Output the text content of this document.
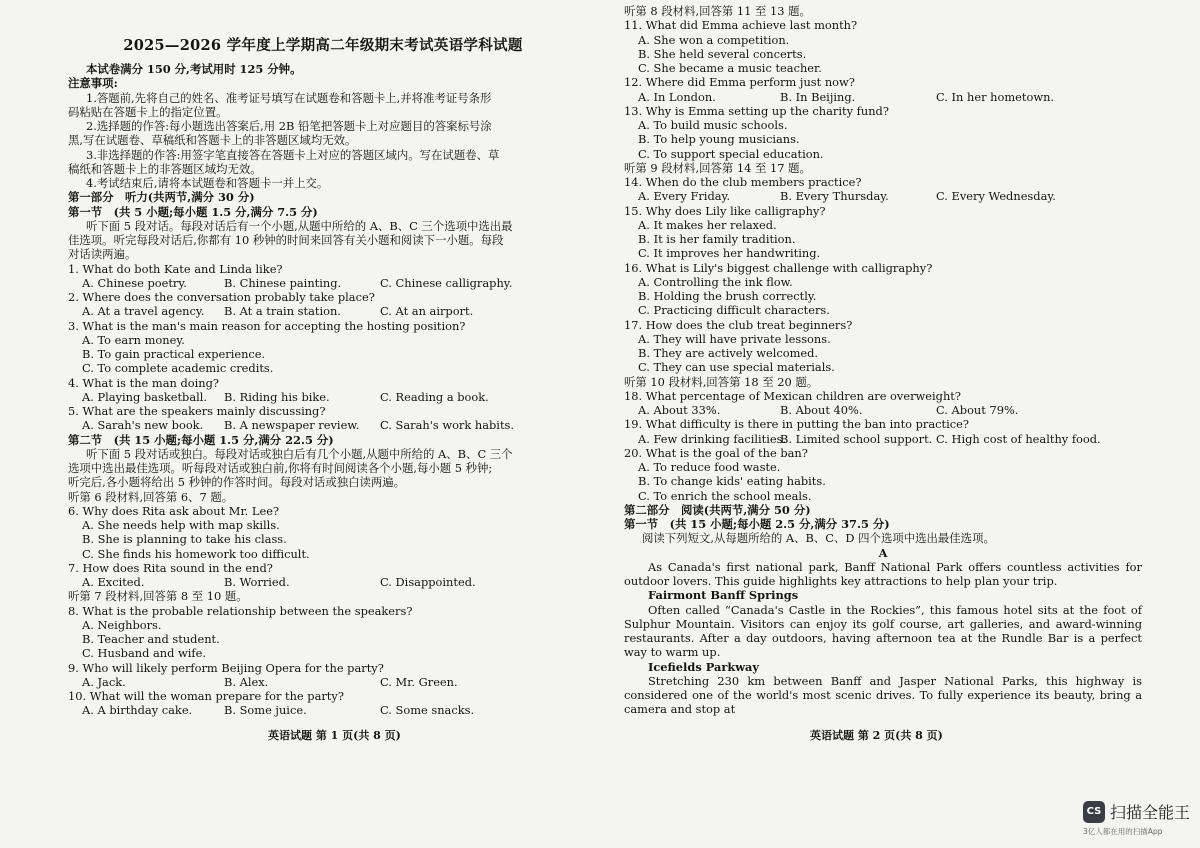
2025—2026 学年度上学期高二年级期末考试英语学科试题
本试卷满分 150 分,考试用时 125 分钟。
注意事项:
1.答题前,先将自己的姓名、准考证号填写在试题卷和答题卡上,并将准考证号条形
码粘贴在答题卡上的指定位置。
2.选择题的作答:每小题选出答案后,用 2B 铅笔把答题卡上对应题目的答案标号涂
黑,写在试题卷、草稿纸和答题卡上的非答题区域均无效。
3.非选择题的作答:用签字笔直接答在答题卡上对应的答题区域内。写在试题卷、草
稿纸和答题卡上的非答题区域均无效。
4.考试结束后,请将本试题卷和答题卡一并上交。
第一部分　听力(共两节,满分 30 分)
第一节　(共 5 小题;每小题 1.5 分,满分 7.5 分)
听下面 5 段对话。每段对话后有一个小题,从题中所给的 A、B、C 三个选项中选出最
佳选项。听完每段对话后,你都有 10 秒钟的时间来回答有关小题和阅读下一小题。每段
对话读两遍。
1. What do both Kate and Linda like?
A. Chinese poetry.	B. Chinese painting.	C. Chinese calligraphy.
2. Where does the conversation probably take place?
A. At a travel agency.	B. At a train station.	C. At an airport.
3. What is the man's main reason for accepting the hosting position?
A. To earn money.
B. To gain practical experience.
C. To complete academic credits.
4. What is the man doing?
A. Playing basketball.	B. Riding his bike.	C. Reading a book.
5. What are the speakers mainly discussing?
A. Sarah's new book.	B. A newspaper review.	C. Sarah's work habits.
第二节　(共 15 小题;每小题 1.5 分,满分 22.5 分)
听下面 5 段对话或独白。每段对话或独白后有几个小题,从题中所给的 A、B、C 三个
选项中选出最佳选项。听每段对话或独白前,你将有时间阅读各个小题,每小题 5 秒钟;
听完后,各小题将给出 5 秒钟的作答时间。每段对话或独白读两遍。
听第 6 段材料,回答第 6、7 题。
6. Why does Rita ask about Mr. Lee?
A. She needs help with map skills.
B. She is planning to take his class.
C. She finds his homework too difficult.
7. How does Rita sound in the end?
A. Excited.	B. Worried.	C. Disappointed.
听第 7 段材料,回答第 8 至 10 题。
8. What is the probable relationship between the speakers?
A. Neighbors.
B. Teacher and student.
C. Husband and wife.
9. Who will likely perform Beijing Opera for the party?
A. Jack.	B. Alex.	C. Mr. Green.
10. What will the woman prepare for the party?
A. A birthday cake.	B. Some juice.	C. Some snacks.
英语试题 第 1 页(共 8 页)
听第 8 段材料,回答第 11 至 13 题。
11. What did Emma achieve last month?
A. She won a competition.
B. She held several concerts.
C. She became a music teacher.
12. Where did Emma perform just now?
A. In London.	B. In Beijing.	C. In her hometown.
13. Why is Emma setting up the charity fund?
A. To build music schools.
B. To help young musicians.
C. To support special education.
听第 9 段材料,回答第 14 至 17 题。
14. When do the club members practice?
A. Every Friday.	B. Every Thursday.	C. Every Wednesday.
15. Why does Lily like calligraphy?
A. It makes her relaxed.
B. It is her family tradition.
C. It improves her handwriting.
16. What is Lily's biggest challenge with calligraphy?
A. Controlling the ink flow.
B. Holding the brush correctly.
C. Practicing difficult characters.
17. How does the club treat beginners?
A. They will have private lessons.
B. They are actively welcomed.
C. They can use special materials.
听第 10 段材料,回答第 18 至 20 题。
18. What percentage of Mexican children are overweight?
A. About 33%.	B. About 40%.	C. About 79%.
19. What difficulty is there in putting the ban into practice?
A. Few drinking facilities.
B. Limited school support. C. High cost of healthy food.
20. What is the goal of the ban?
A. To reduce food waste.
B. To change kids' eating habits.
C. To enrich the school meals.
第二部分　阅读(共两节,满分 50 分)
第一节　(共 15 小题;每小题 2.5 分,满分 37.5 分)
阅读下列短文,从每题所给的 A、B、C、D 四个选项中选出最佳选项。
A
As Canada's first national park, Banff National Park offers countless activities for outdoor lovers. This guide highlights key attractions to help plan your trip.
Fairmont Banff Springs
Often called “Canada's Castle in the Rockies”, this famous hotel sits at the foot of Sulphur Mountain. Visitors can enjoy its golf course, art galleries, and award-winning restaurants. After a day outdoors, having afternoon tea at the Rundle Bar is a perfect way to warm up.
Icefields Parkway
Stretching 230 km between Banff and Jasper National Parks, this highway is considered one of the world's most scenic drives. To fully experience its beauty, bring a camera and stop at
英语试题 第 2 页(共 8 页)
CS 扫描全能王
3亿人都在用的扫描App
